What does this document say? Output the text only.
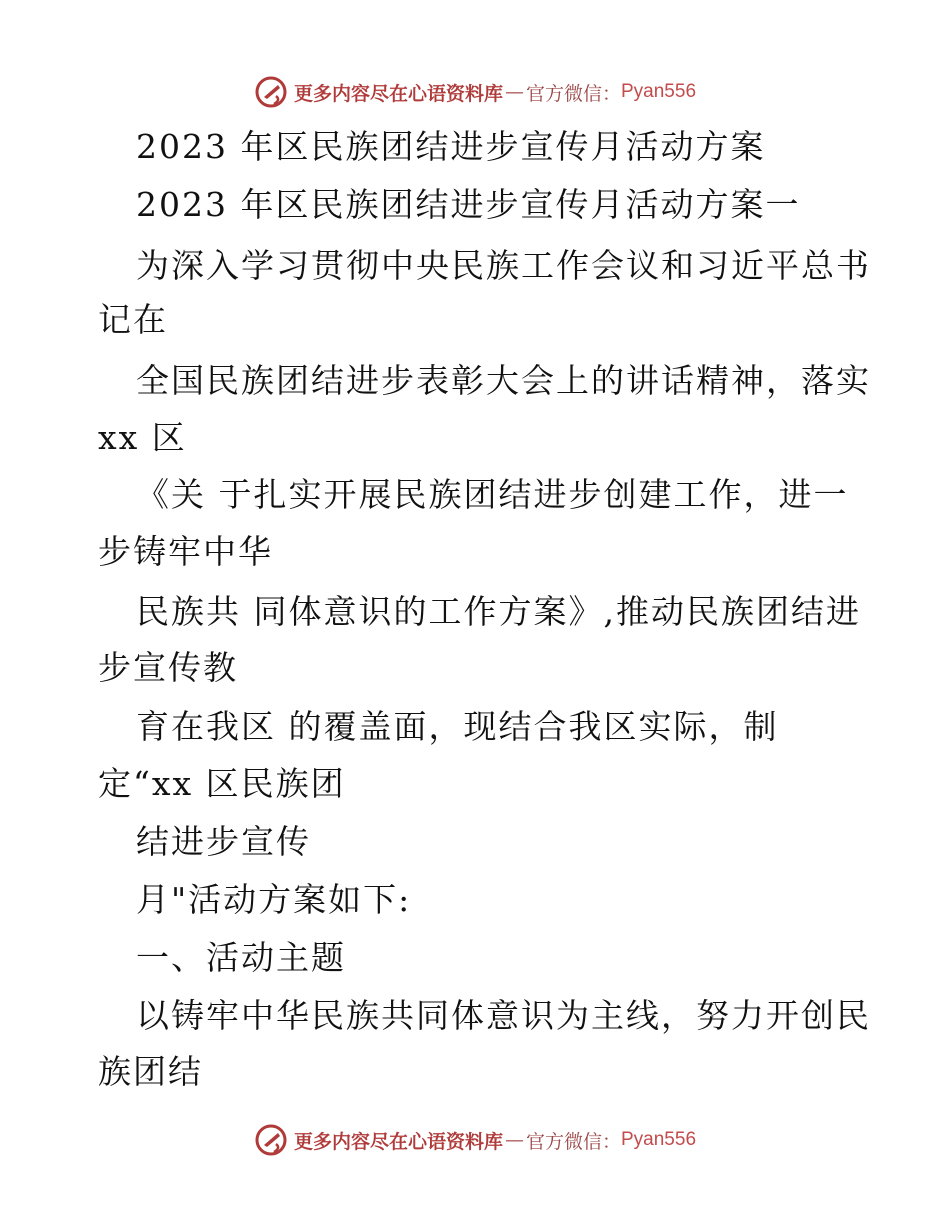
更多内容尽在心语资料库 — 官方微信： Pyan556
2023 年区民族团结进步宣传月活动方案
2023 年区民族团结进步宣传月活动方案一
为深入学习贯彻中央民族工作会议和习近平总书
记在
全国民族团结进步表彰大会上的讲话精神，落实
xx 区
《关 于扎实开展民族团结进步创建工作，进一
步铸牢中华
民族共 同体意识的工作方案》,推动民族团结进
步宣传教
育在我区 的覆盖面，现结合我区实际，制
定“xx 区民族团
结进步宣传
月"活动方案如下:
一、活动主题
以铸牢中华民族共同体意识为主线，努力开创民
族团结
更多内容尽在心语资料库 — 官方微信： Pyan556
